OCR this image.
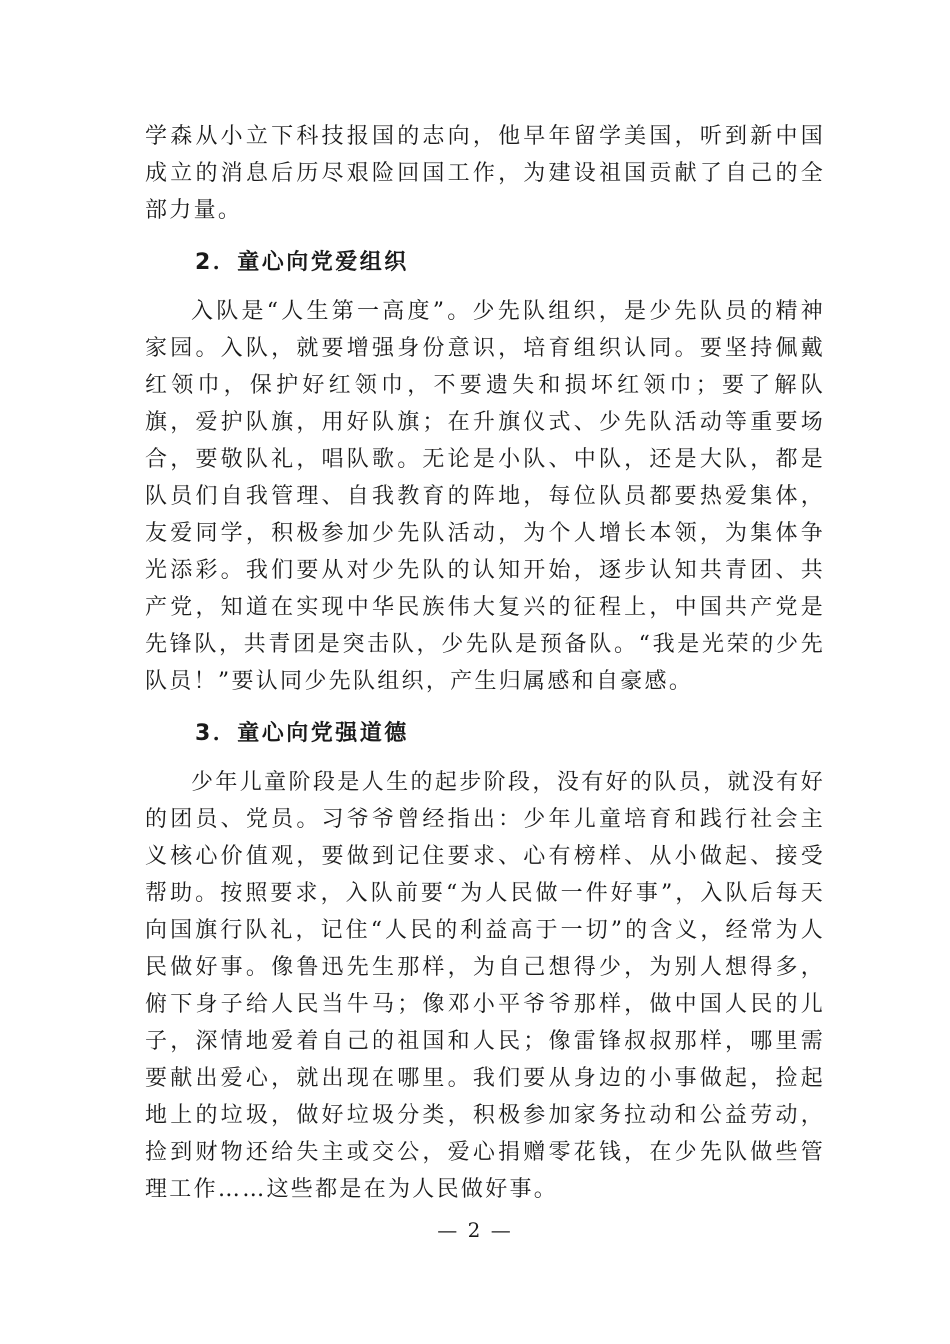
学森从小立下科技报国的志向，他早年留学美国，听到新中国成立的消息后历尽艰险回国工作，为建设祖国贡献了自己的全部力量。

2．童心向党爱组织

入队是“人生第一高度”。少先队组织，是少先队员的精神家园。入队，就要增强身份意识，培育组织认同。要坚持佩戴红领巾，保护好红领巾，不要遗失和损坏红领巾；要了解队旗，爱护队旗，用好队旗；在升旗仪式、少先队活动等重要场合，要敬队礼，唱队歌。无论是小队、中队，还是大队，都是队员们自我管理、自我教育的阵地，每位队员都要热爱集体，友爱同学，积极参加少先队活动，为个人增长本领，为集体争光添彩。我们要从对少先队的认知开始，逐步认知共青团、共产党，知道在实现中华民族伟大复兴的征程上，中国共产党是先锋队，共青团是突击队，少先队是预备队。“我是光荣的少先队员！”要认同少先队组织，产生归属感和自豪感。

3．童心向党强道德

少年儿童阶段是人生的起步阶段，没有好的队员，就没有好的团员、党员。习爷爷曾经指出：少年儿童培育和践行社会主义核心价值观，要做到记住要求、心有榜样、从小做起、接受帮助。按照要求，入队前要“为人民做一件好事”，入队后每天向国旗行队礼，记住“人民的利益高于一切”的含义，经常为人民做好事。像鲁迅先生那样，为自己想得少，为别人想得多，俯下身子给人民当牛马；像邓小平爷爷那样，做中国人民的儿子，深情地爱着自己的祖国和人民；像雷锋叔叔那样，哪里需要献出爱心，就出现在哪里。我们要从身边的小事做起，捡起地上的垃圾，做好垃圾分类，积极参加家务拉动和公益劳动，捡到财物还给失主或交公，爱心捐赠零花钱，在少先队做些管理工作……这些都是在为人民做好事。

— 2 —
